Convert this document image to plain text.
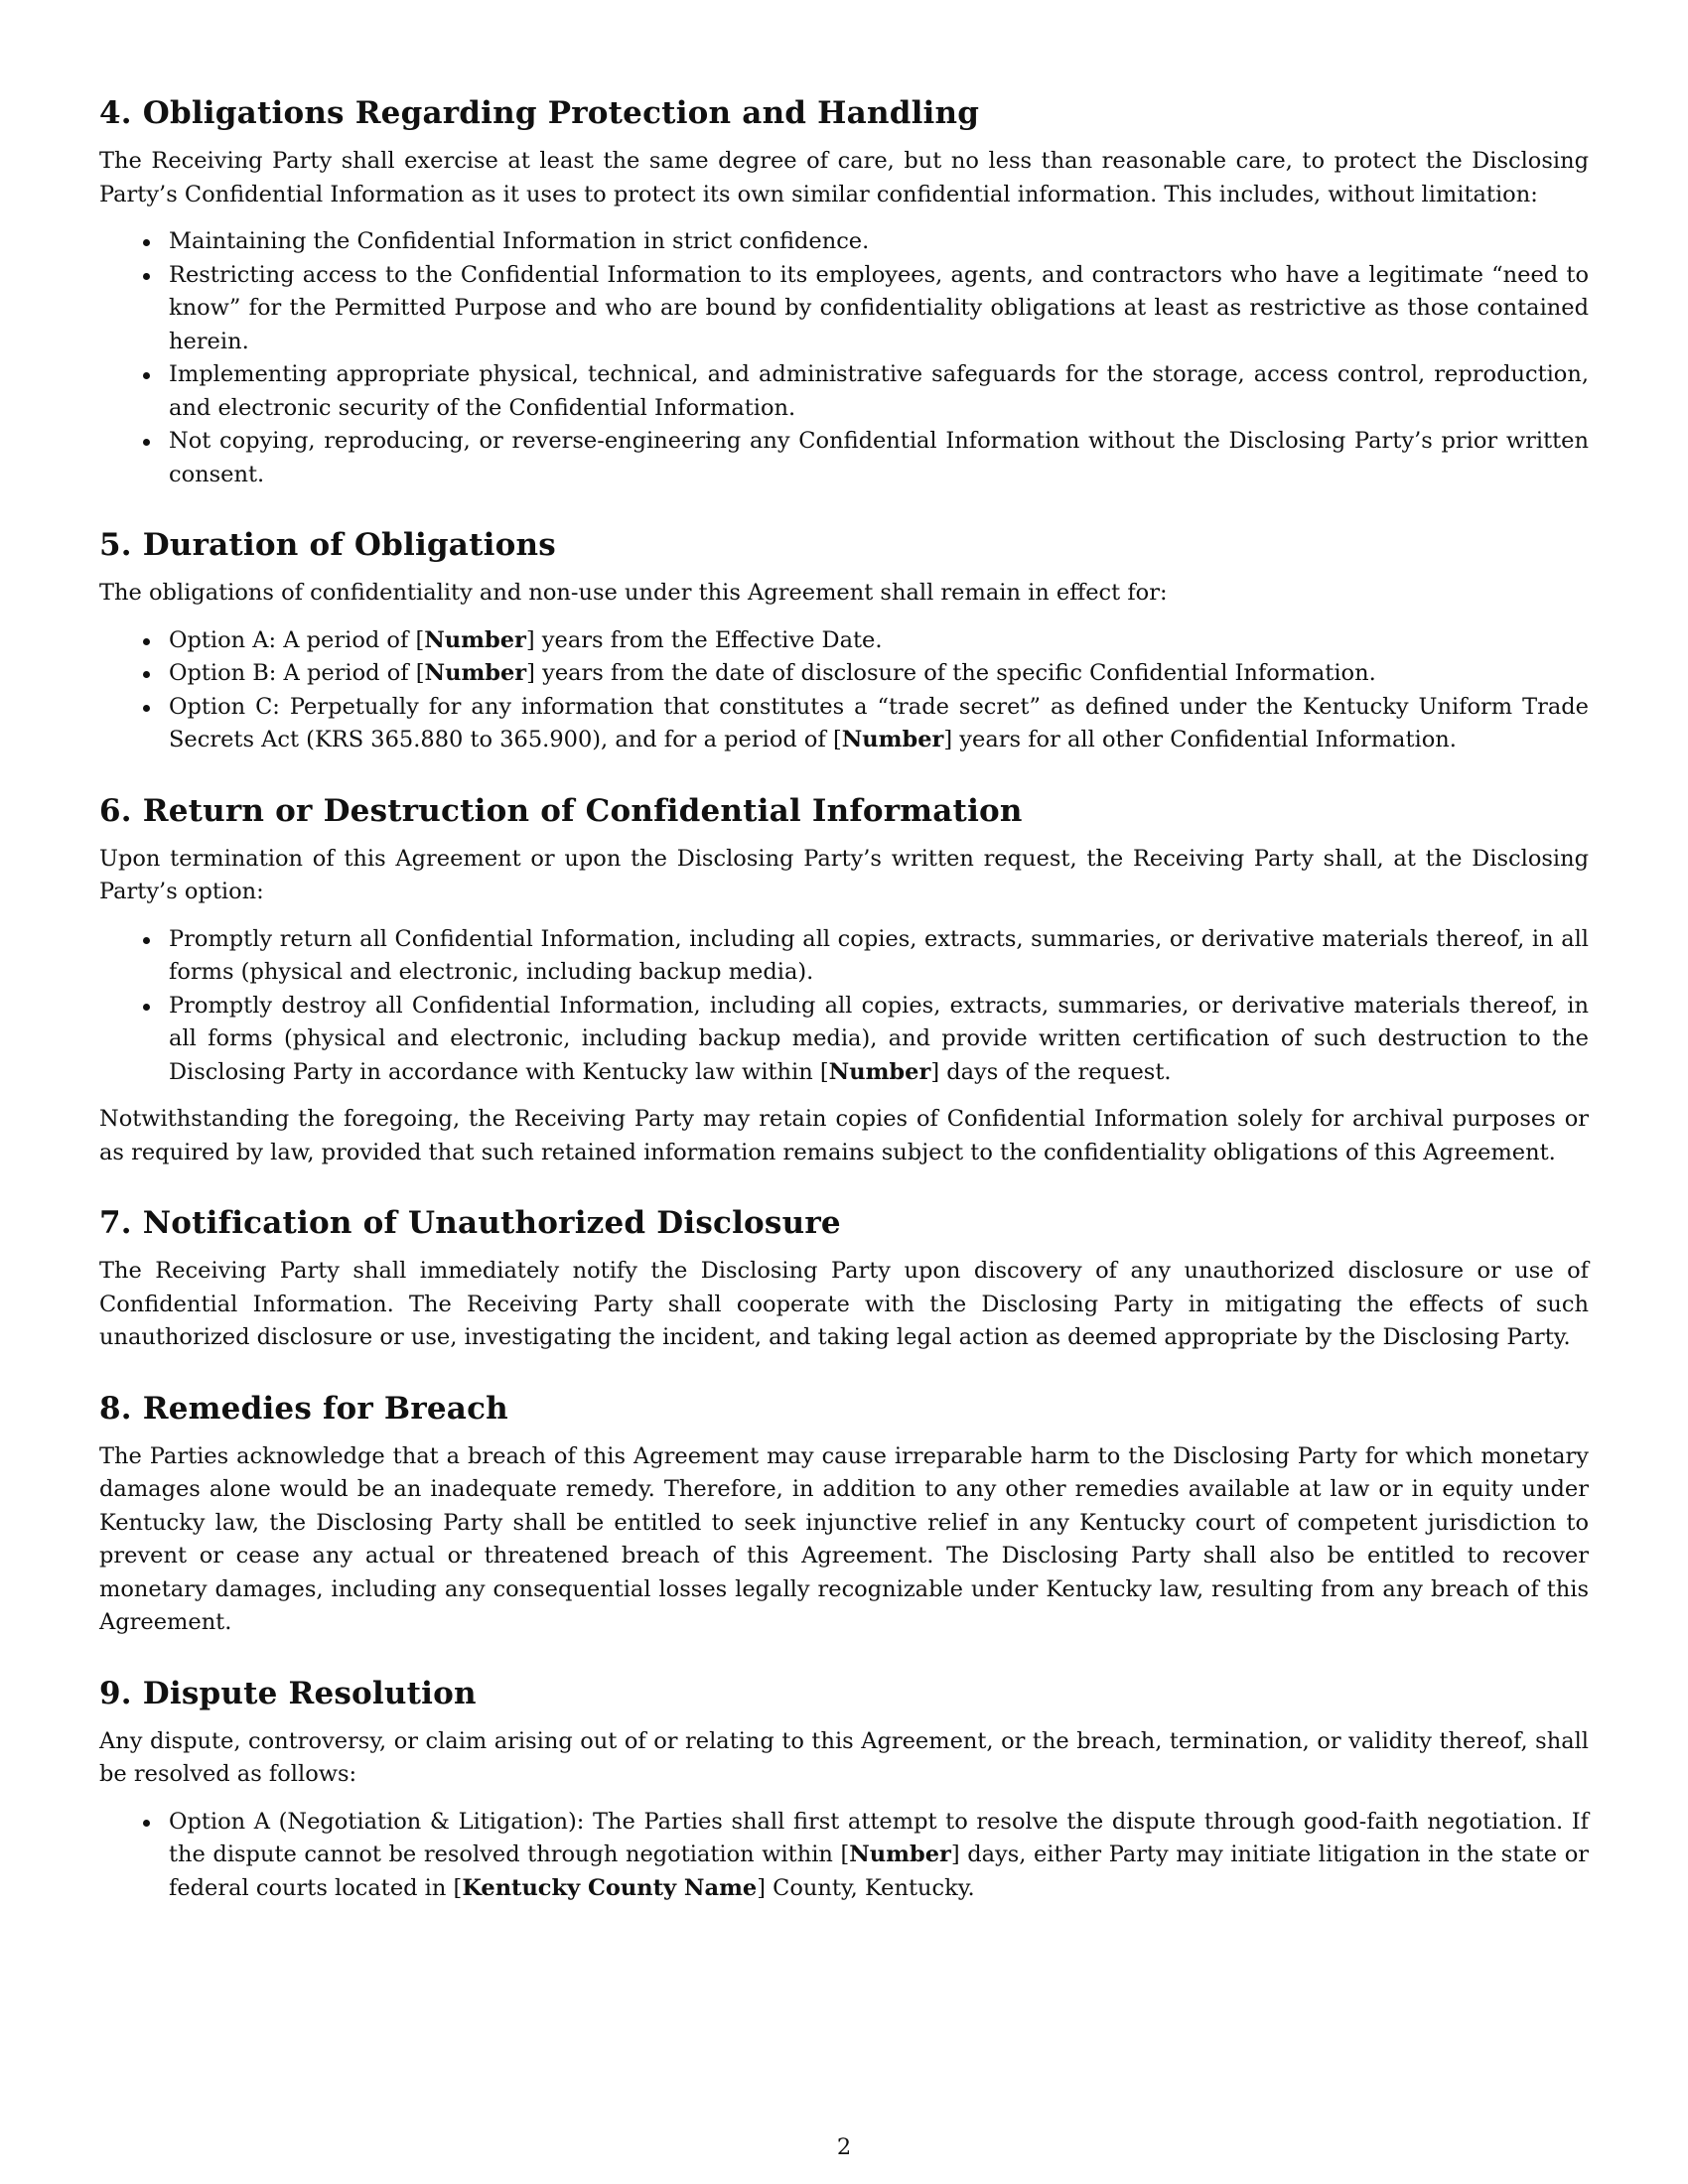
4. Obligations Regarding Protection and Handling

The Receiving Party shall exercise at least the same degree of care, but no less than reasonable care, to protect the Disclosing Party’s Confidential Information as it uses to protect its own similar confidential information. This includes, without limitation:

Maintaining the Confidential Information in strict confidence.
Restricting access to the Confidential Information to its employees, agents, and contractors who have a legitimate “need to know” for the Permitted Purpose and who are bound by confidentiality obligations at least as restrictive as those contained herein.
Implementing appropriate physical, technical, and administrative safeguards for the storage, access control, reproduction, and electronic security of the Confidential Information.
Not copying, reproducing, or reverse-engineering any Confidential Information without the Disclosing Party’s prior written consent.
5. Duration of Obligations

The obligations of confidentiality and non-use under this Agreement shall remain in effect for:

Option A: A period of [Number] years from the Effective Date.
Option B: A period of [Number] years from the date of disclosure of the specific Confidential Information.
Option C: Perpetually for any information that constitutes a “trade secret” as defined under the Kentucky Uniform Trade Secrets Act (KRS 365.880 to 365.900), and for a period of [Number] years for all other Confidential Information.
6. Return or Destruction of Confidential Information

Upon termination of this Agreement or upon the Disclosing Party’s written request, the Receiving Party shall, at the Disclosing Party’s option:

Promptly return all Confidential Information, including all copies, extracts, summaries, or derivative materials thereof, in all forms (physical and electronic, including backup media).
Promptly destroy all Confidential Information, including all copies, extracts, summaries, or derivative materials thereof, in all forms (physical and electronic, including backup media), and provide written certification of such destruction to the Disclosing Party in accordance with Kentucky law within [Number] days of the request.

Notwithstanding the foregoing, the Receiving Party may retain copies of Confidential Information solely for archival purposes or as required by law, provided that such retained information remains subject to the confidentiality obligations of this Agreement.

7. Notification of Unauthorized Disclosure

The Receiving Party shall immediately notify the Disclosing Party upon discovery of any unauthorized disclosure or use of Confidential Information. The Receiving Party shall cooperate with the Disclosing Party in mitigating the effects of such unauthorized disclosure or use, investigating the incident, and taking legal action as deemed appropriate by the Disclosing Party.

8. Remedies for Breach

The Parties acknowledge that a breach of this Agreement may cause irreparable harm to the Disclosing Party for which monetary damages alone would be an inadequate remedy. Therefore, in addition to any other remedies available at law or in equity under Kentucky law, the Disclosing Party shall be entitled to seek injunctive relief in any Kentucky court of competent jurisdiction to prevent or cease any actual or threatened breach of this Agreement. The Disclosing Party shall also be entitled to recover monetary damages, including any consequential losses legally recognizable under Kentucky law, resulting from any breach of this Agreement.

9. Dispute Resolution

Any dispute, controversy, or claim arising out of or relating to this Agreement, or the breach, termination, or validity thereof, shall be resolved as follows:

Option A (Negotiation & Litigation): The Parties shall first attempt to resolve the dispute through good-faith negotiation. If the dispute cannot be resolved through negotiation within [Number] days, either Party may initiate litigation in the state or federal courts located in [Kentucky County Name] County, Kentucky.
2
